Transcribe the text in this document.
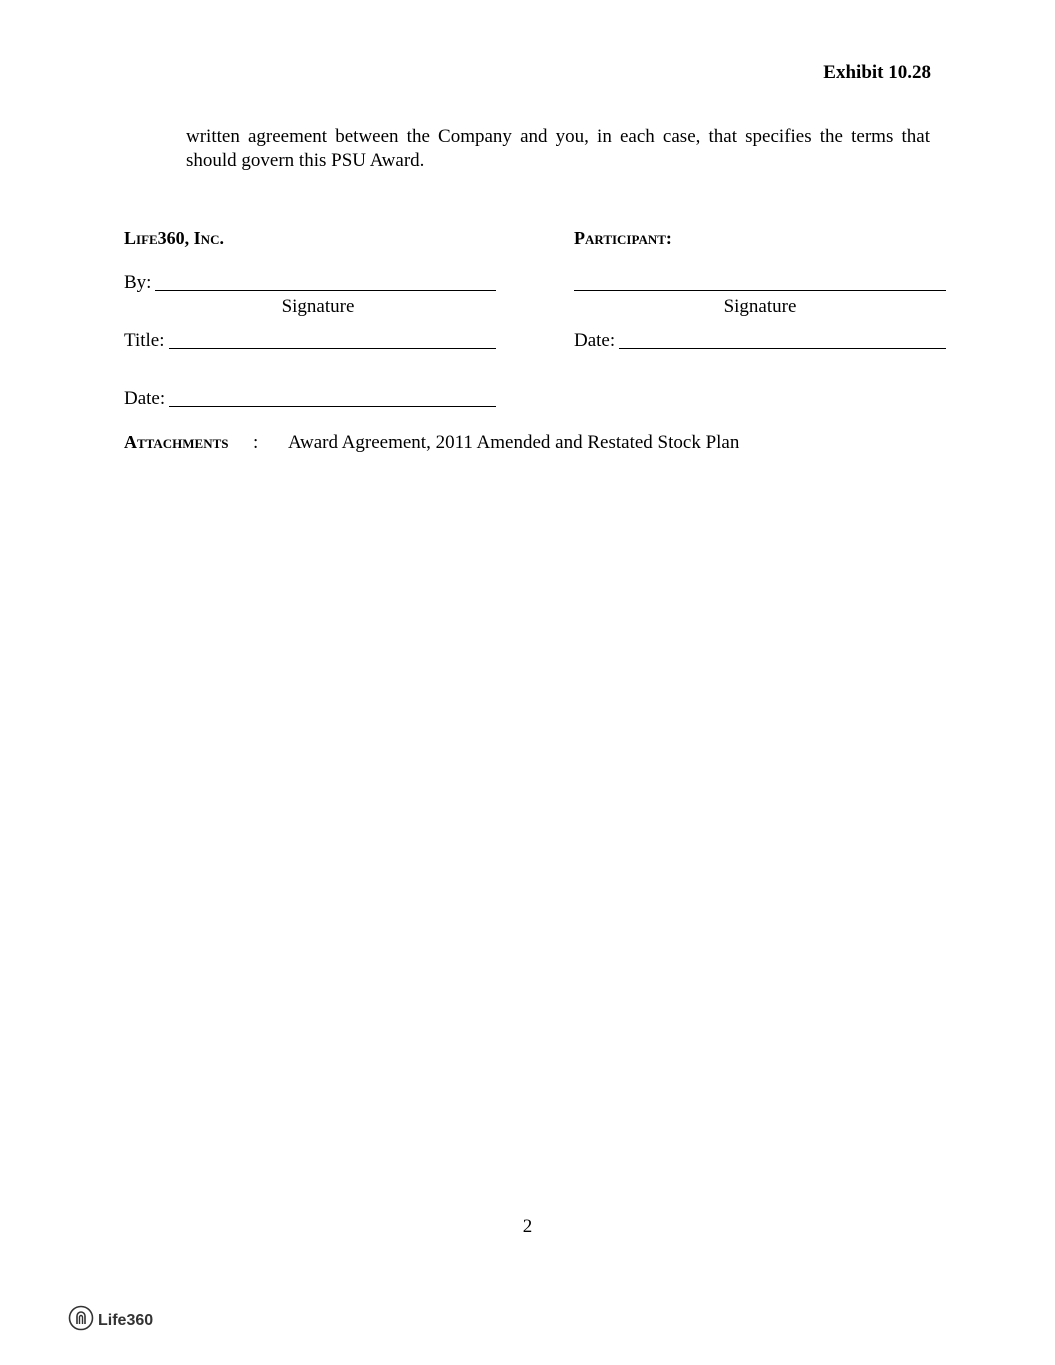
Exhibit 10.28

written agreement between the Company and you, in each case, that specifies the terms that should govern this PSU Award.

Life360, Inc.
By:
Signature
Title:
Date:
Participant:
Signature
Date:
Attachments : Award Agreement, 2011 Amended and Restated Stock Plan
2
Life360
